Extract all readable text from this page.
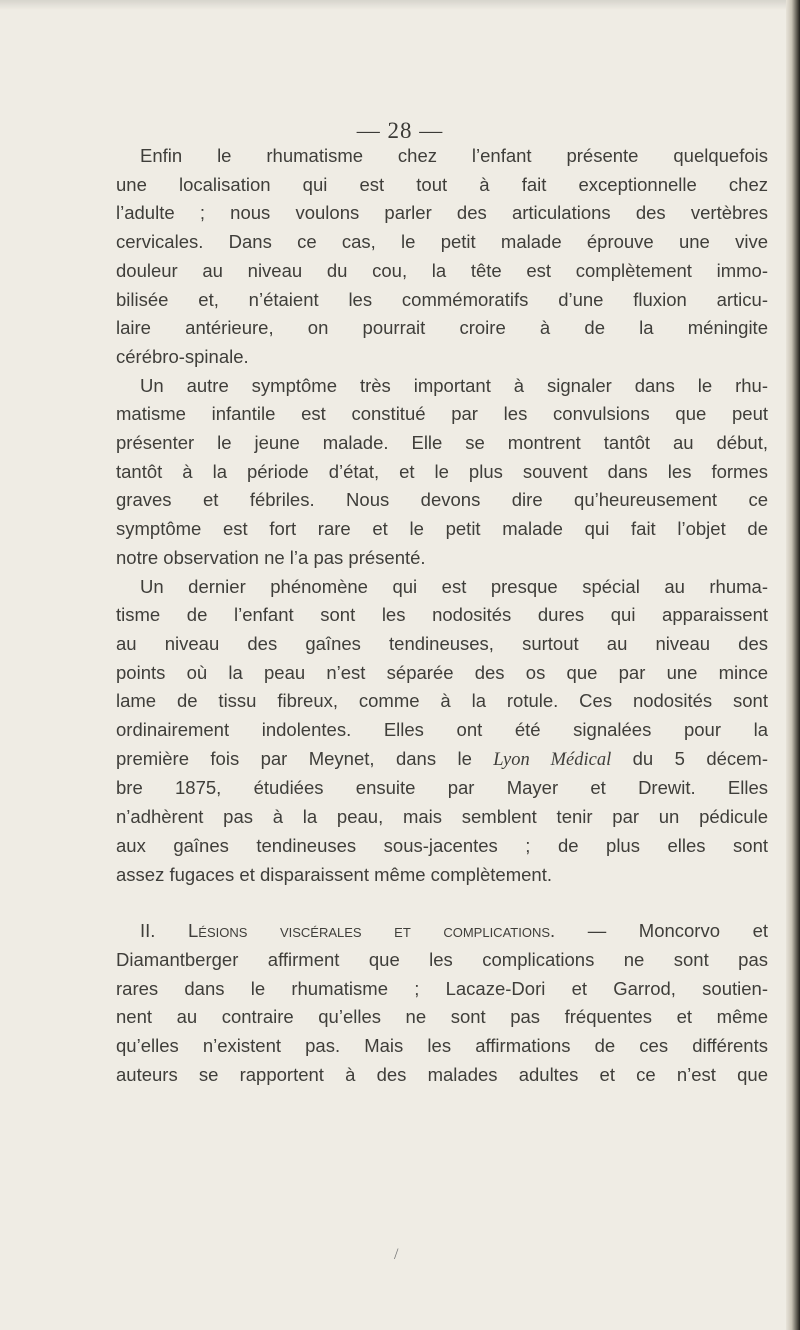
— 28 —

Enfin le rhumatisme chez l’enfant présente quelquefois

une localisation qui est tout à fait exceptionnelle chez

l’adulte ; nous voulons parler des articulations des vertèbres

cervicales. Dans ce cas, le petit malade éprouve une vive

douleur au niveau du cou, la tête est complètement immo-

bilisée et, n’étaient les commémoratifs d’une fluxion articu-

laire antérieure, on pourrait croire à de la méningite

cérébro-spinale.

Un autre symptôme très important à signaler dans le rhu-

matisme infantile est constitué par les convulsions que peut

présenter le jeune malade. Elle se montrent tantôt au début,

tantôt à la période d’état, et le plus souvent dans les formes

graves et fébriles. Nous devons dire qu’heureusement ce

symptôme est fort rare et le petit malade qui fait l’objet de

notre observation ne l’a pas présenté.

Un dernier phénomène qui est presque spécial au rhuma-

tisme de l’enfant sont les nodosités dures qui apparaissent

au niveau des gaînes tendineuses, surtout au niveau des

points où la peau n’est séparée des os que par une mince

lame de tissu fibreux, comme à la rotule. Ces nodosités sont

ordinairement indolentes. Elles ont été signalées pour la

première fois par Meynet, dans le Lyon Médical du 5 décem-

bre 1875, étudiées ensuite par Mayer et Drewit. Elles

n’adhèrent pas à la peau, mais semblent tenir par un pédicule

aux gaînes tendineuses sous-jacentes ; de plus elles sont

assez fugaces et disparaissent même complètement.

II. Lésions viscérales et complications. — Moncorvo et

Diamantberger affirment que les complications ne sont pas

rares dans le rhumatisme ; Lacaze-Dori et Garrod, soutien-

nent au contraire qu’elles ne sont pas fréquentes et même

qu’elles n’existent pas. Mais les affirmations de ces différents

auteurs se rapportent à des malades adultes et ce n’est que

/
